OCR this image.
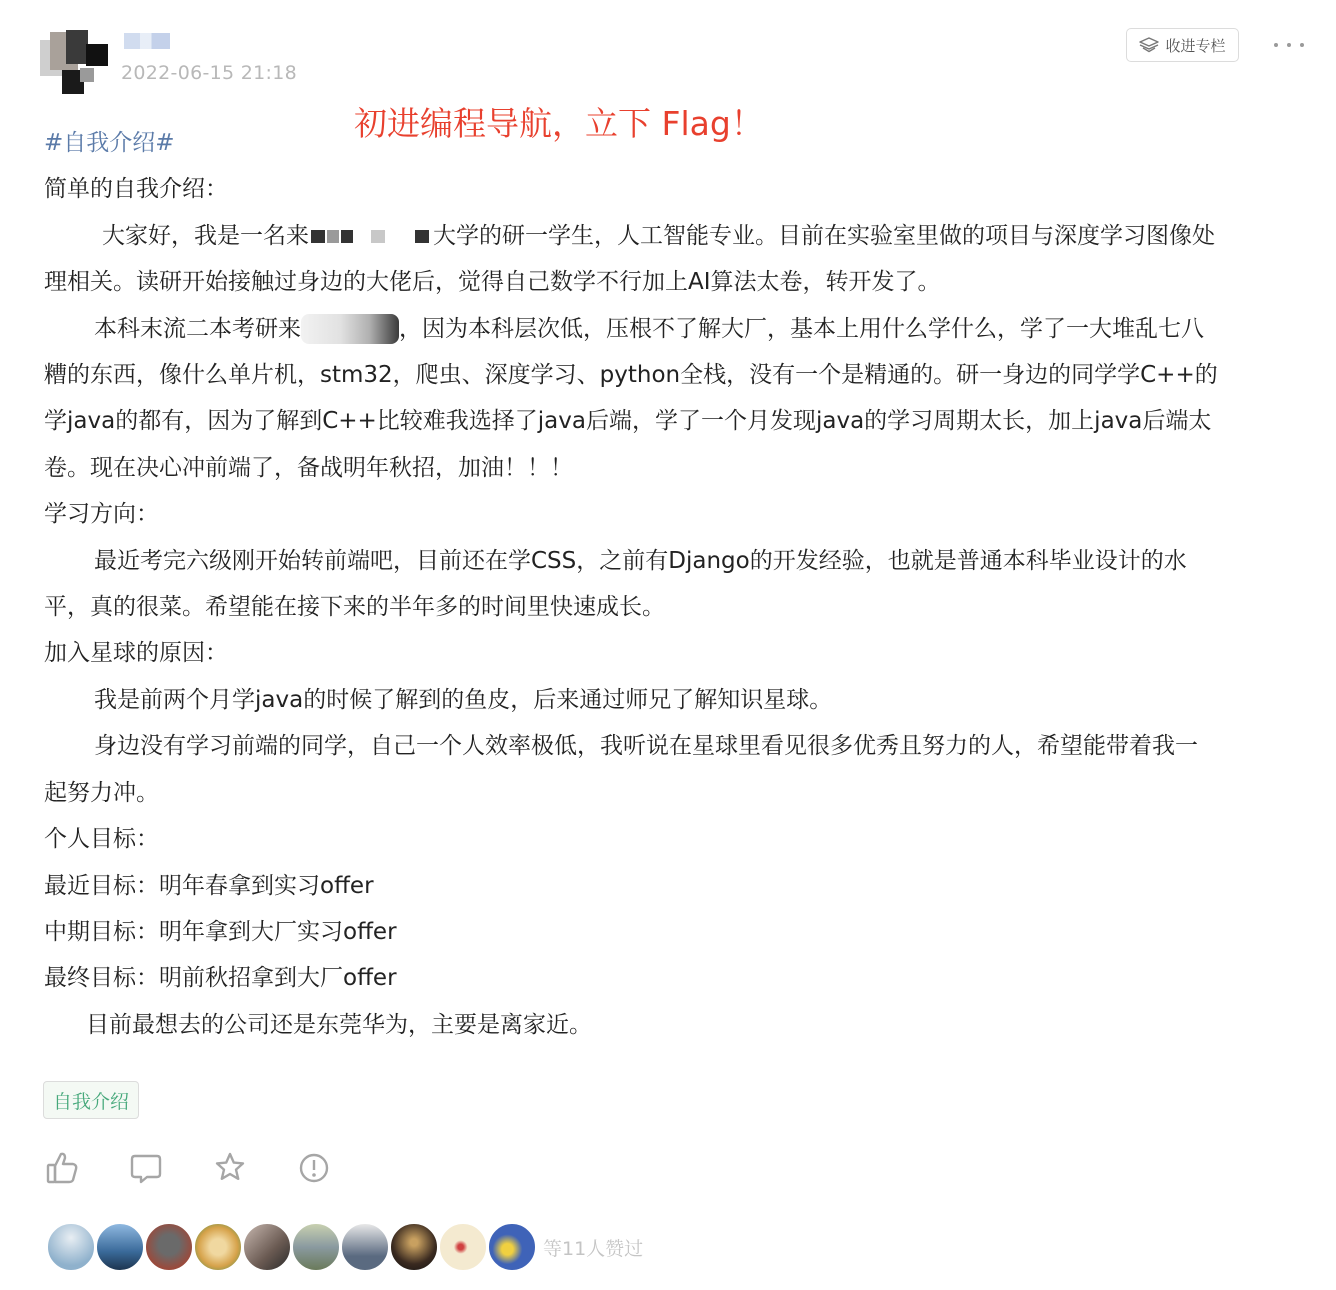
2022-06-15 21:18
收进专栏
初进编程导航，立下 Flag！
#自我介绍#
简单的自我介绍：
大家好，我是一名来	大学的研一学生，人工智能专业。目前在实验室里做的项目与深度学习图像处
理相关。读研开始接触过身边的大佬后，觉得自己数学不行加上AI算法太卷，转开发了。
本科末流二本考研来	，因为本科层次低，压根不了解大厂，基本上用什么学什么，学了一大堆乱七八
糟的东西，像什么单片机，stm32，爬虫、深度学习、python全栈，没有一个是精通的。研一身边的同学学C++的
学java的都有，因为了解到C++比较难我选择了java后端，学了一个月发现java的学习周期太长，加上java后端太
卷。现在决心冲前端了，备战明年秋招，加油！！！
学习方向：
最近考完六级刚开始转前端吧，目前还在学CSS，之前有Django的开发经验，也就是普通本科毕业设计的水
平，真的很菜。希望能在接下来的半年多的时间里快速成长。
加入星球的原因：
我是前两个月学java的时候了解到的鱼皮，后来通过师兄了解知识星球。
身边没有学习前端的同学，自己一个人效率极低，我听说在星球里看见很多优秀且努力的人，希望能带着我一
起努力冲。
个人目标：
最近目标：明年春拿到实习offer
中期目标：明年拿到大厂实习offer
最终目标：明前秋招拿到大厂offer
目前最想去的公司还是东莞华为，主要是离家近。
自我介绍
等11人赞过
